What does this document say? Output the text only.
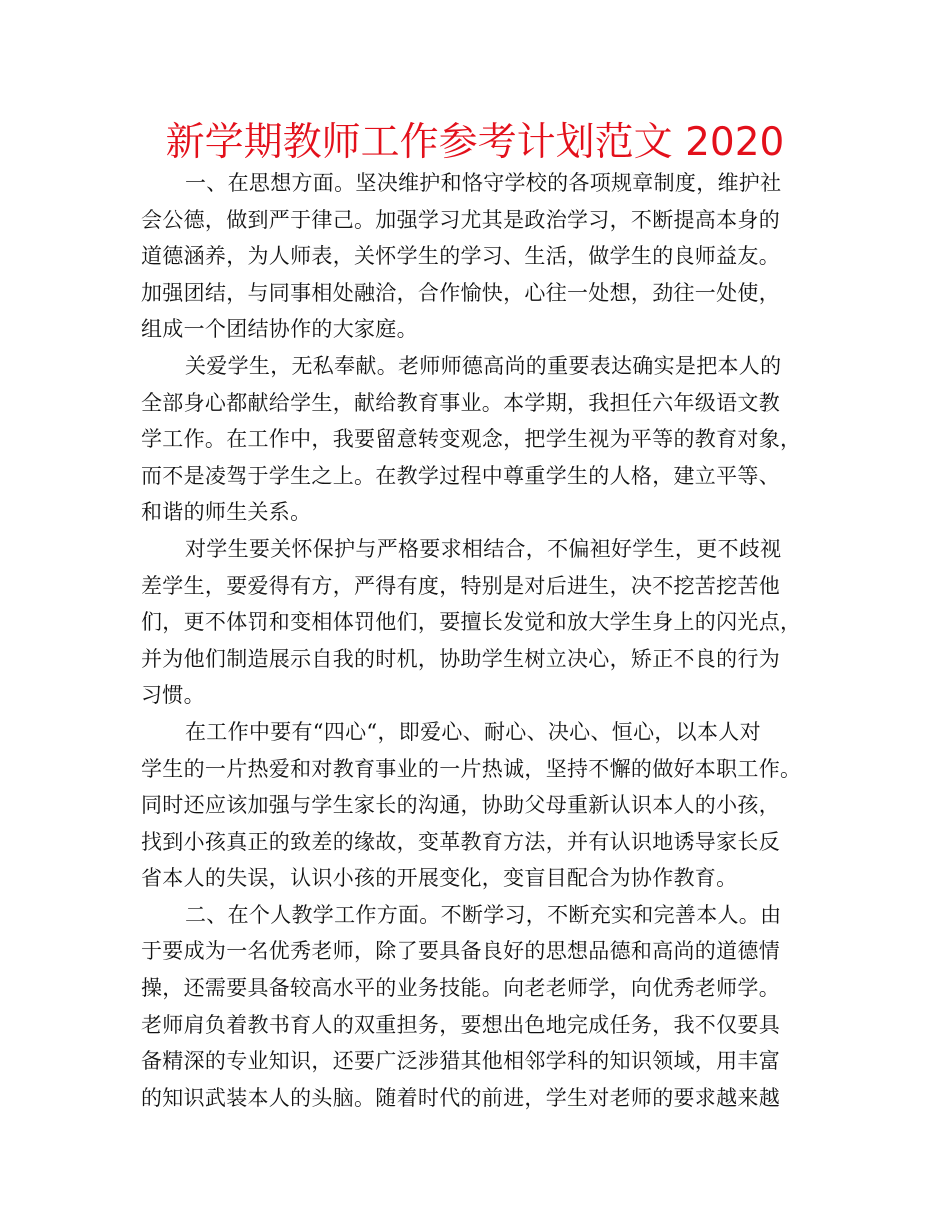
新学期教师工作参考计划范文 2020
一、在思想方面。坚决维护和恪守学校的各项规章制度，维护社
会公德，做到严于律己。加强学习尤其是政治学习，不断提高本身的
道德涵养，为人师表，关怀学生的学习、生活，做学生的良师益友。
加强团结，与同事相处融洽，合作愉快，心往一处想，劲往一处使，
组成一个团结协作的大家庭。
关爱学生，无私奉献。老师师德高尚的重要表达确实是把本人的
全部身心都献给学生，献给教育事业。本学期，我担任六年级语文教
学工作。在工作中，我要留意转变观念，把学生视为平等的教育对象，
而不是凌驾于学生之上。在教学过程中尊重学生的人格，建立平等、
和谐的师生关系。
对学生要关怀保护与严格要求相结合，不偏袒好学生，更不歧视
差学生，要爱得有方，严得有度，特别是对后进生，决不挖苦挖苦他
们，更不体罚和变相体罚他们，要擅长发觉和放大学生身上的闪光点，
并为他们制造展示自我的时机，协助学生树立决心，矫正不良的行为
习惯。
在工作中要有“四心“，即爱心、耐心、决心、恒心，以本人对
学生的一片热爱和对教育事业的一片热诚，坚持不懈的做好本职工作。
同时还应该加强与学生家长的沟通，协助父母重新认识本人的小孩，
找到小孩真正的致差的缘故，变革教育方法，并有认识地诱导家长反
省本人的失误，认识小孩的开展变化，变盲目配合为协作教育。
二、在个人教学工作方面。不断学习，不断充实和完善本人。由
于要成为一名优秀老师，除了要具备良好的思想品德和高尚的道德情
操，还需要具备较高水平的业务技能。向老老师学，向优秀老师学。
老师肩负着教书育人的双重担务，要想出色地完成任务，我不仅要具
备精深的专业知识，还要广泛涉猎其他相邻学科的知识领域，用丰富
的知识武装本人的头脑。随着时代的前进，学生对老师的要求越来越
